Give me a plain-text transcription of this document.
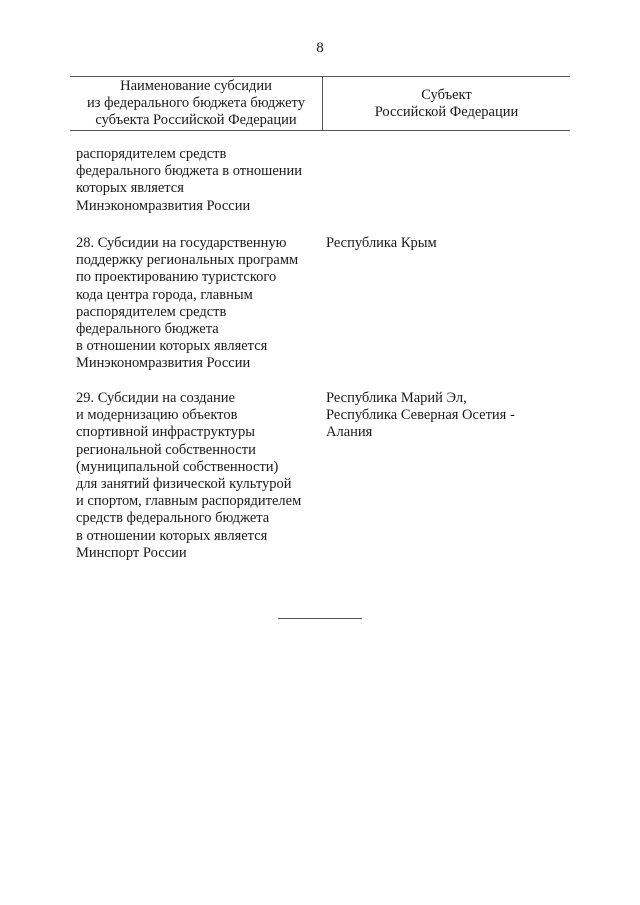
8
Наименование субсидии
из федерального бюджета бюджету
субъекта Российской Федерации
Субъект
Российской Федерации
распорядителем средств
федерального бюджета в отношении
которых является
Минэкономразвития России
28. Субсидии на государственную
поддержку региональных программ
по проектированию туристского
кода центра города, главным
распорядителем средств
федерального бюджета
в отношении которых является
Минэкономразвития России
Республика Крым
29. Субсидии на создание
и модернизацию объектов
спортивной инфраструктуры
региональной собственности
(муниципальной собственности)
для занятий физической культурой
и спортом, главным распорядителем
средств федерального бюджета
в отношении которых является
Минспорт России
Республика Марий Эл,
Республика Северная Осетия -
Алания
